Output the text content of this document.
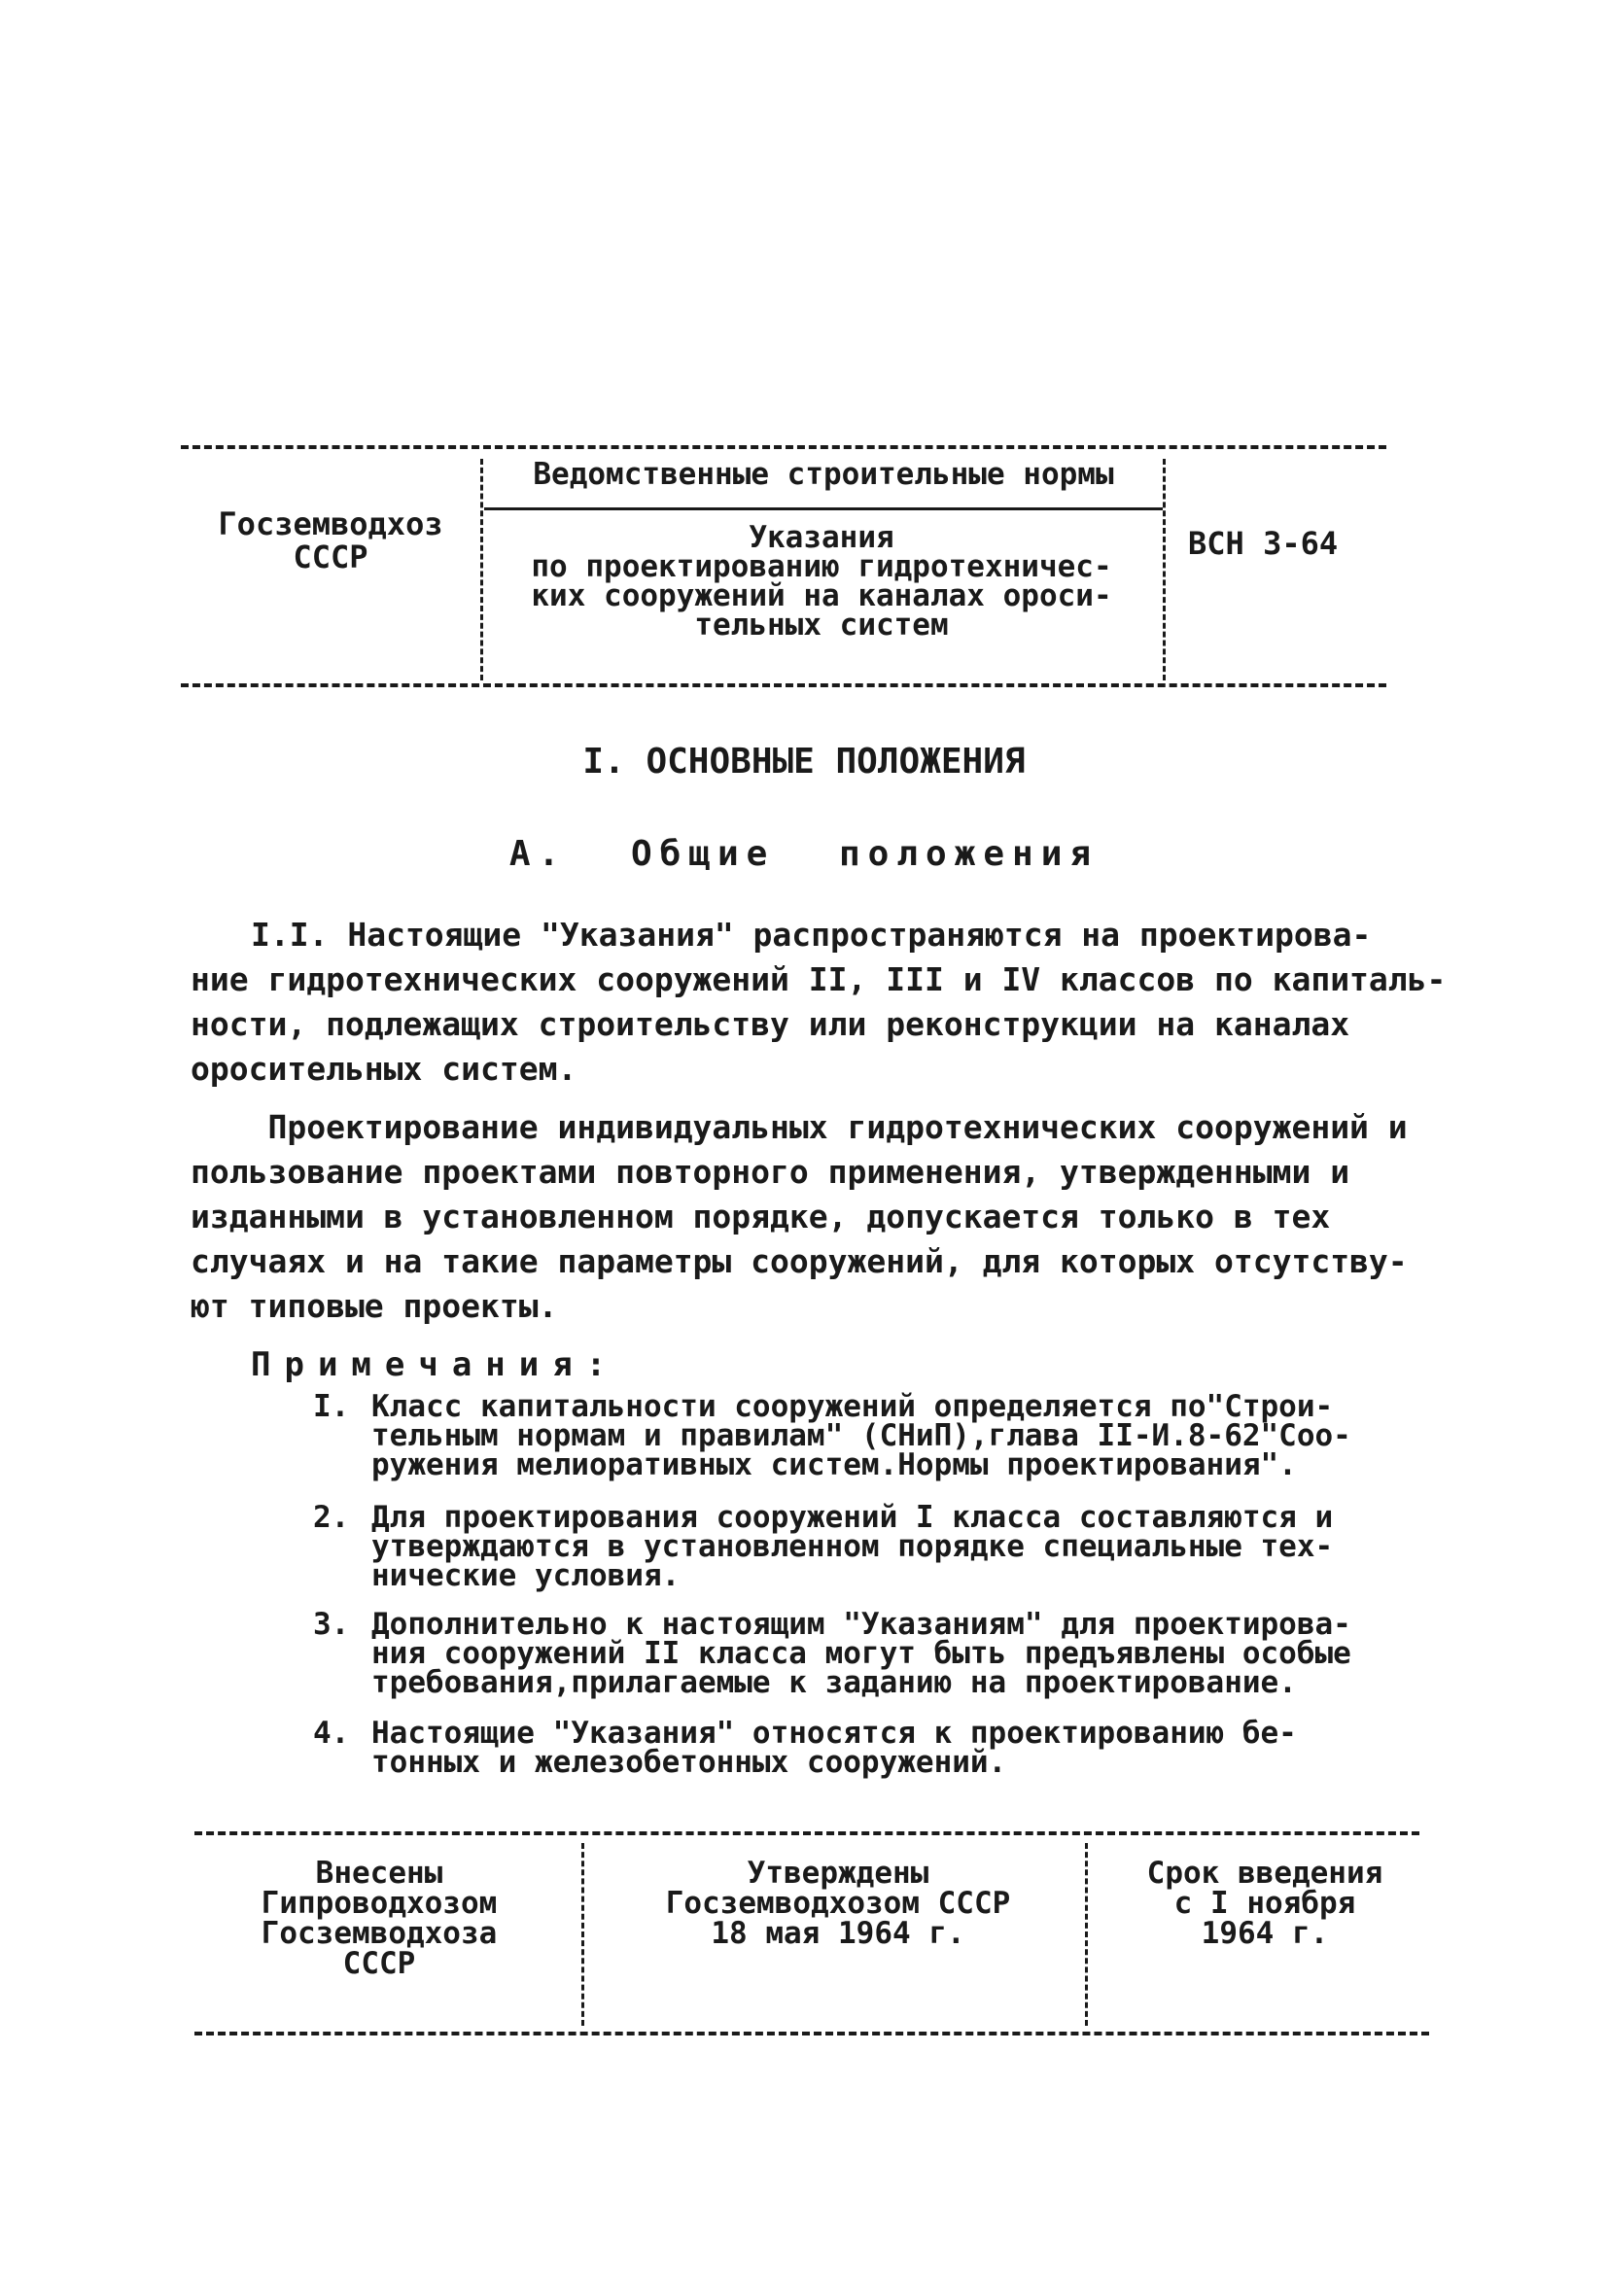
Госземводхоз
СССР
Ведомственные строительные нормы
Указания
по проектированию гидротехничес-
ких сооружений на каналах ороси-
тельных систем
ВСН 3-64
I. ОСНОВНЫЕ ПОЛОЖЕНИЯ
А. Общие положения
I.I. Настоящие "Указания" распространяются на проектирова-
ние гидротехнических сооружений II, III и IV классов по капиталь-
ности, подлежащих строительству или реконструкции на каналах
оросительных систем.
Проектирование индивидуальных гидротехнических сооружений и
пользование проектами повторного применения, утвержденными и
изданными в установленном порядке, допускается только в тех
случаях и на такие параметры сооружений, для которых отсутству-
ют типовые проекты.
Примечания:
I. Класс капитальности сооружений определяется по"Строи-
тельным нормам и правилам" (СНиП),глава II-И.8-62"Соо-
ружения мелиоративных систем.Нормы проектирования".
2. Для проектирования сооружений I класса составляются и
утверждаются в установленном порядке специальные тех-
нические условия.
3. Дополнительно к настоящим "Указаниям" для проектирова-
ния сооружений II класса могут быть предъявлены особые
требования,прилагаемые к заданию на проектирование.
4. Настоящие "Указания" относятся к проектированию бе-
тонных и железобетонных сооружений.
Внесены
Гипроводхозом
Госземводхоза
СССР
Утверждены
Госземводхозом СССР
18 мая 1964 г.
Срок введения
с I ноября
1964 г.
